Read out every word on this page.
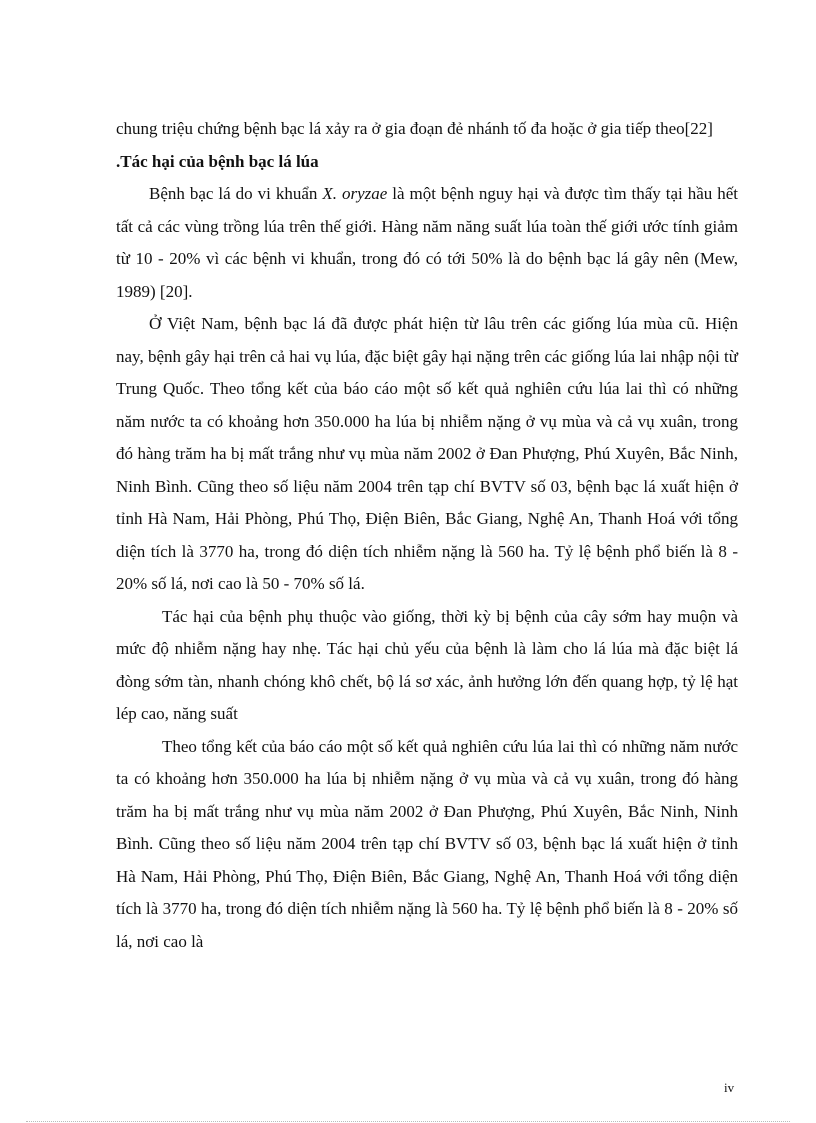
chung triệu chứng bệnh bạc lá xảy ra ở gia đoạn đẻ nhánh tố đa hoặc ở gia tiếp theo[22]

.Tác hại của bệnh bạc lá lúa

Bệnh bạc lá do vi khuẩn X. oryzae là một bệnh nguy hại và được tìm thấy tại hầu hết tất cả các vùng trồng lúa trên thế giới. Hàng năm năng suất lúa toàn thế giới ước tính giảm từ 10 - 20% vì các bệnh vi khuẩn, trong đó có tới 50% là do bệnh bạc lá gây nên (Mew, 1989) [20].

Ở Việt Nam, bệnh bạc lá đã được phát hiện từ lâu trên các giống lúa mùa cũ. Hiện nay, bệnh gây hại trên cả hai vụ lúa, đặc biệt gây hại nặng trên các giống lúa lai nhập nội từ Trung Quốc. Theo tổng kết của báo cáo một số kết quả nghiên cứu lúa lai thì có những năm nước ta có khoảng hơn 350.000 ha lúa bị nhiễm nặng ở vụ mùa và cả vụ xuân, trong đó hàng trăm ha bị mất trắng như vụ mùa năm 2002 ở Đan Phượng, Phú Xuyên, Bắc Ninh, Ninh Bình. Cũng theo số liệu năm 2004 trên tạp chí BVTV số 03, bệnh bạc lá xuất hiện ở tỉnh Hà Nam, Hải Phòng, Phú Thọ, Điện Biên, Bắc Giang, Nghệ An, Thanh Hoá với tổng diện tích là 3770 ha, trong đó diện tích nhiễm nặng là 560 ha. Tỷ lệ bệnh phổ biến là 8 - 20% số lá, nơi cao là 50 - 70% số lá.

Tác hại của bệnh phụ thuộc vào giống, thời kỳ bị bệnh của cây sớm hay muộn và mức độ nhiễm nặng hay nhẹ. Tác hại chủ yếu của bệnh là làm cho lá lúa mà đặc biệt lá đòng sớm tàn, nhanh chóng khô chết, bộ lá sơ xác, ảnh hưởng lớn đến quang hợp, tỷ lệ hạt lép cao, năng suất

Theo tổng kết của báo cáo một số kết quả nghiên cứu lúa lai thì có những năm nước ta có khoảng hơn 350.000 ha lúa bị nhiễm nặng ở vụ mùa và cả vụ xuân, trong đó hàng trăm ha bị mất trắng như vụ mùa năm 2002 ở Đan Phượng, Phú Xuyên, Bắc Ninh, Ninh Bình. Cũng theo số liệu năm 2004 trên tạp chí BVTV số 03, bệnh bạc lá xuất hiện ở tỉnh Hà Nam, Hải Phòng, Phú Thọ, Điện Biên, Bắc Giang, Nghệ An, Thanh Hoá với tổng diện tích là 3770 ha, trong đó diện tích nhiễm nặng là 560 ha. Tỷ lệ bệnh phổ biến là 8 - 20% số lá, nơi cao là

iv
